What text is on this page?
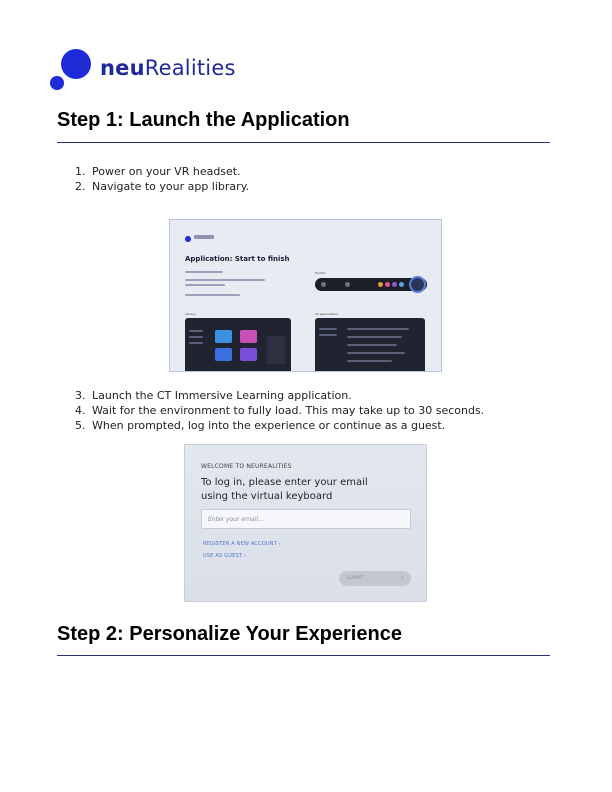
neuRealities
Step 1: Launch the Application
1. Power on your VR headset.
2. Navigate to your app library.
Application: Start to finish
Toolbar
Library	All applications
3. Launch the CT Immersive Learning application.
4. Wait for the environment to fully load. This may take up to 30 seconds.
5. When prompted, log into the experience or continue as a guest.
WELCOME TO NEUREALITIES
To log in, please enter your email
using the virtual keyboard
Enter your email...
REGISTER A NEW ACCOUNT ›
USE AS GUEST ›
SUBMIT	›
Step 2: Personalize Your Experience
